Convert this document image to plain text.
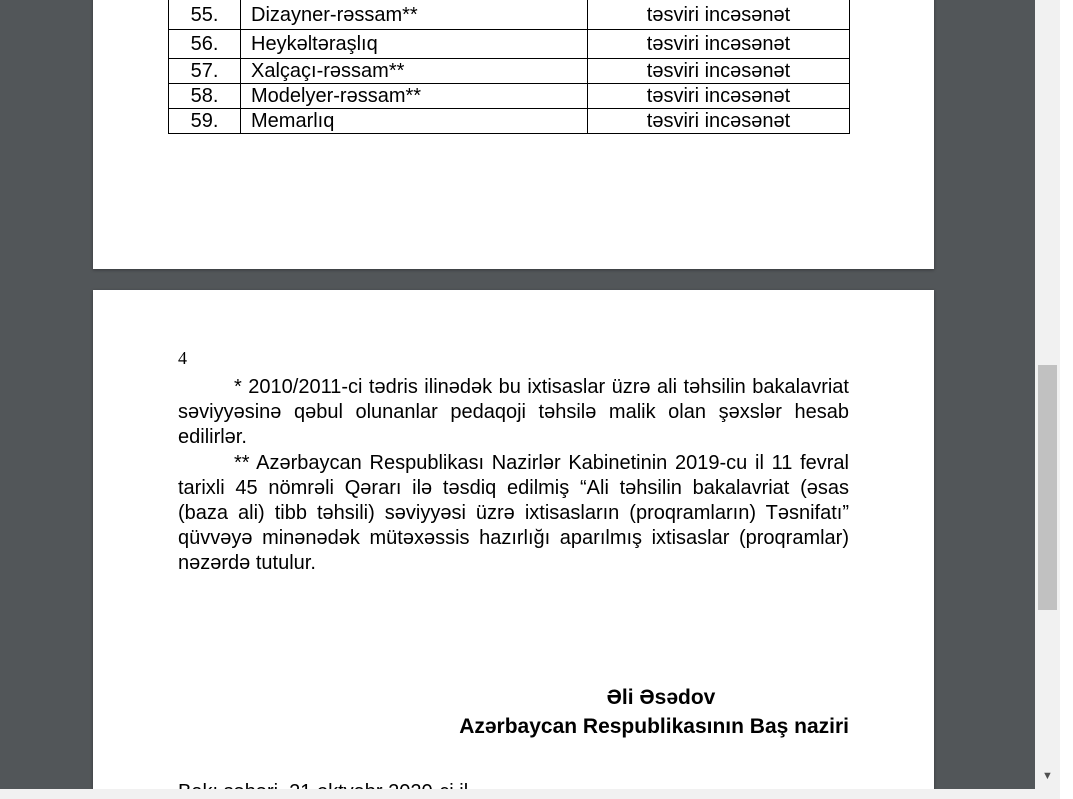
55.	Dizayner-rəssam**	təsviri incəsənət
56.	Heykəltəraşlıq	təsviri incəsənət
57.	Xalçaçı-rəssam**	təsviri incəsənət
58.	Modelyer-rəssam**	təsviri incəsənət
59.	Memarlıq	təsviri incəsənət
4

* 2010/2011-ci tədris ilinədək bu ixtisaslar üzrə ali təhsilin bakalavriat səviyyəsinə qəbul olunanlar pedaqoji təhsilə malik olan şəxslər hesab edilirlər.

** Azərbaycan Respublikası Nazirlər Kabinetinin 2019-cu il 11 fevral tarixli 45 nömrəli Qərarı ilə təsdiq edilmiş “Ali təhsilin bakalavriat (əsas (baza ali) tibb təhsili) səviyyəsi üzrə ixtisasların (proqramların) Təsnifatı” qüvvəyə minənədək mütəxəssis hazırlığı aparılmış ixtisaslar (proqramlar) nəzərdə tutulur.

Əli Əsədov
Azərbaycan Respublikasının Baş naziri
▼
